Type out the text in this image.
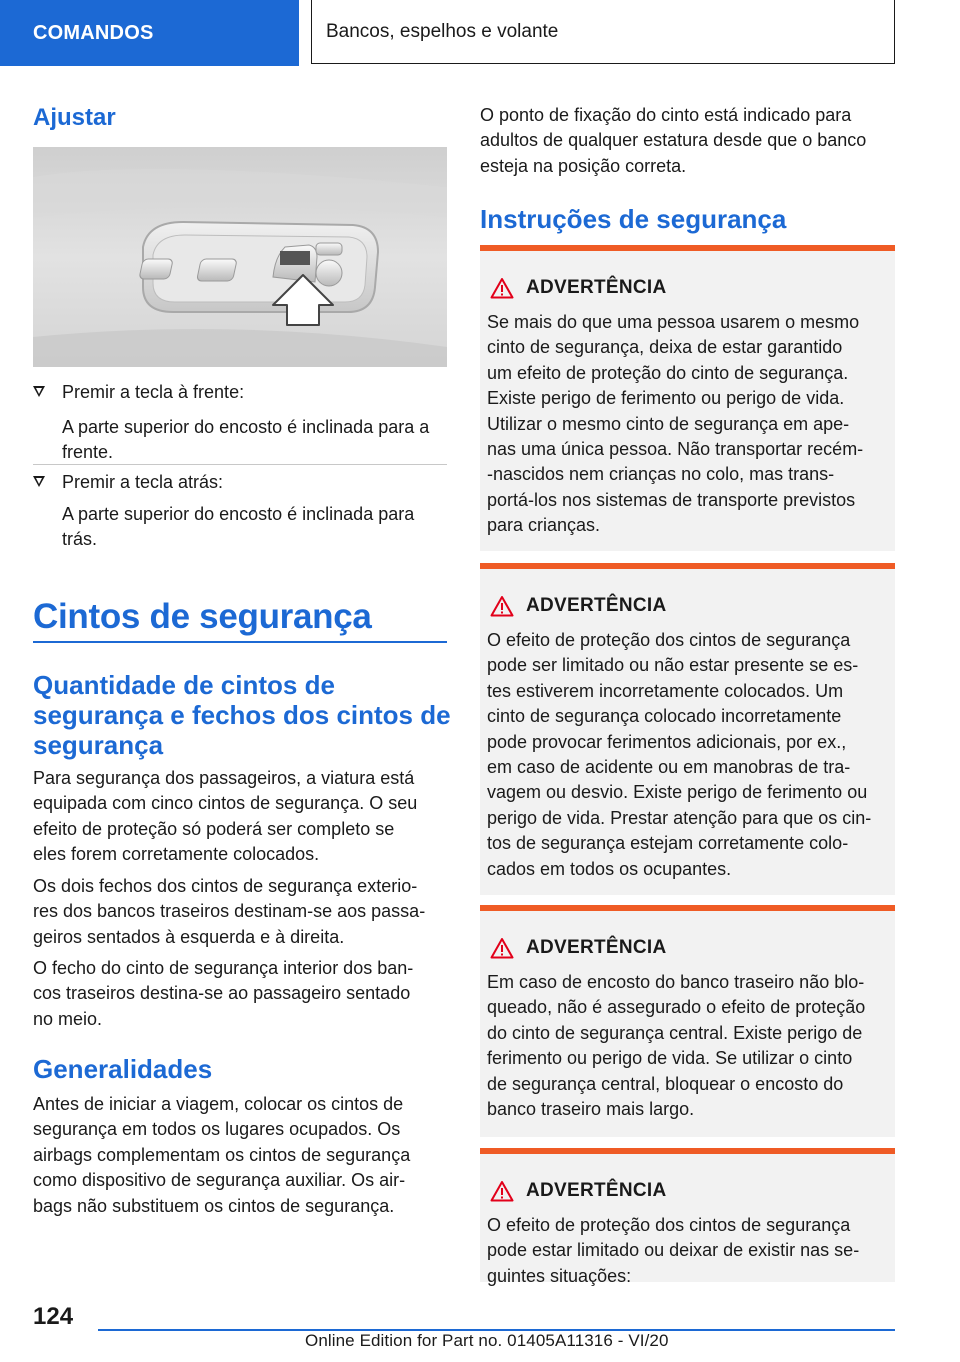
COMANDOS	Bancos, espelhos e volante
Ajustar
Premir a tecla à frente:
A parte superior do encosto é inclinada para a
frente.
Premir a tecla atrás:
A parte superior do encosto é inclinada para
trás.
Cintos de segurança
Quantidade de cintos de
segurança e fechos dos cintos de
segurança
Para segurança dos passageiros, a viatura está
equipada com cinco cintos de segurança. O seu
efeito de proteção só poderá ser completo se
eles forem corretamente colocados.
Os dois fechos dos cintos de segurança exterio-
res dos bancos traseiros destinam-se aos passa-
geiros sentados à esquerda e à direita.
O fecho do cinto de segurança interior dos ban-
cos traseiros destina-se ao passageiro sentado
no meio.
Generalidades
Antes de iniciar a viagem, colocar os cintos de
segurança em todos os lugares ocupados. Os
airbags complementam os cintos de segurança
como dispositivo de segurança auxiliar. Os air-
bags não substituem os cintos de segurança.
O ponto de fixação do cinto está indicado para
adultos de qualquer estatura desde que o banco
esteja na posição correta.
Instruções de segurança
ADVERTÊNCIA
Se mais do que uma pessoa usarem o mesmo
cinto de segurança, deixa de estar garantido
um efeito de proteção do cinto de segurança.
Existe perigo de ferimento ou perigo de vida.
Utilizar o mesmo cinto de segurança em ape-
nas uma única pessoa. Não transportar recém-
-nascidos nem crianças no colo, mas trans-
portá-los nos sistemas de transporte previstos
para crianças.
ADVERTÊNCIA
O efeito de proteção dos cintos de segurança
pode ser limitado ou não estar presente se es-
tes estiverem incorretamente colocados. Um
cinto de segurança colocado incorretamente
pode provocar ferimentos adicionais, por ex.,
em caso de acidente ou em manobras de tra-
vagem ou desvio. Existe perigo de ferimento ou
perigo de vida. Prestar atenção para que os cin-
tos de segurança estejam corretamente colo-
cados em todos os ocupantes.
ADVERTÊNCIA
Em caso de encosto do banco traseiro não blo-
queado, não é assegurado o efeito de proteção
do cinto de segurança central. Existe perigo de
ferimento ou perigo de vida. Se utilizar o cinto
de segurança central, bloquear o encosto do
banco traseiro mais largo.
ADVERTÊNCIA
O efeito de proteção dos cintos de segurança
pode estar limitado ou deixar de existir nas se-
guintes situações:
124
Online Edition for Part no. 01405A11316 - VI/20
